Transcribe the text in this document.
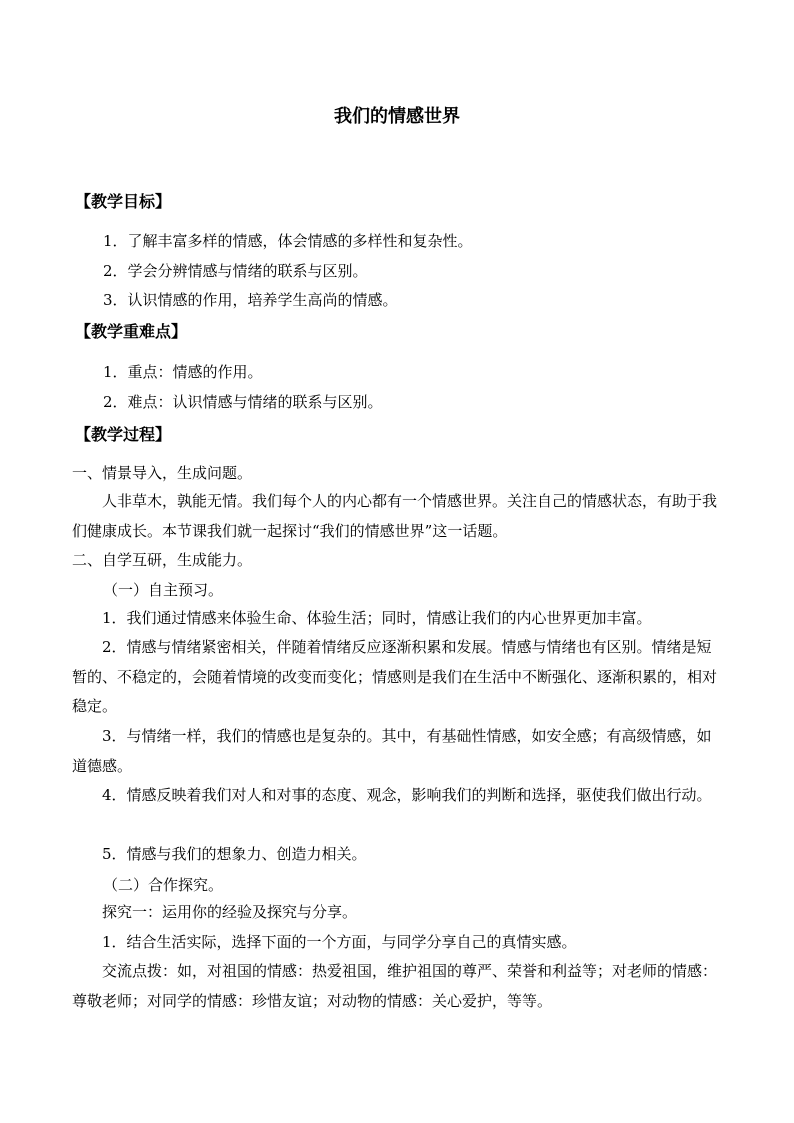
我们的情感世界
【教学目标】

1．了解丰富多样的情感，体会情感的多样性和复杂性。

2．学会分辨情感与情绪的联系与区别。

3．认识情感的作用，培养学生高尚的情感。

【教学重难点】

1．重点：情感的作用。

2．难点：认识情感与情绪的联系与区别。

【教学过程】

一、情景导入，生成问题。

人非草木，孰能无情。我们每个人的内心都有一个情感世界。关注自己的情感状态，有助于我们健康成长。本节课我们就一起探讨“我们的情感世界”这一话题。

二、自学互研，生成能力。

（一）自主预习。

1．我们通过情感来体验生命、体验生活；同时，情感让我们的内心世界更加丰富。

2．情感与情绪紧密相关，伴随着情绪反应逐渐积累和发展。情感与情绪也有区别。情绪是短暂的、不稳定的，会随着情境的改变而变化；情感则是我们在生活中不断强化、逐渐积累的，相对稳定。

3．与情绪一样，我们的情感也是复杂的。其中，有基础性情感，如安全感；有高级情感，如道德感。

4．情感反映着我们对人和对事的态度、观念，影响我们的判断和选择，驱使我们做出行动。

5．情感与我们的想象力、创造力相关。

（二）合作探究。

探究一：运用你的经验及探究与分享。

1．结合生活实际，选择下面的一个方面，与同学分享自己的真情实感。

交流点拨：如，对祖国的情感：热爱祖国，维护祖国的尊严、荣誉和利益等；对老师的情感：尊敬老师；对同学的情感：珍惜友谊；对动物的情感：关心爱护，等等。
